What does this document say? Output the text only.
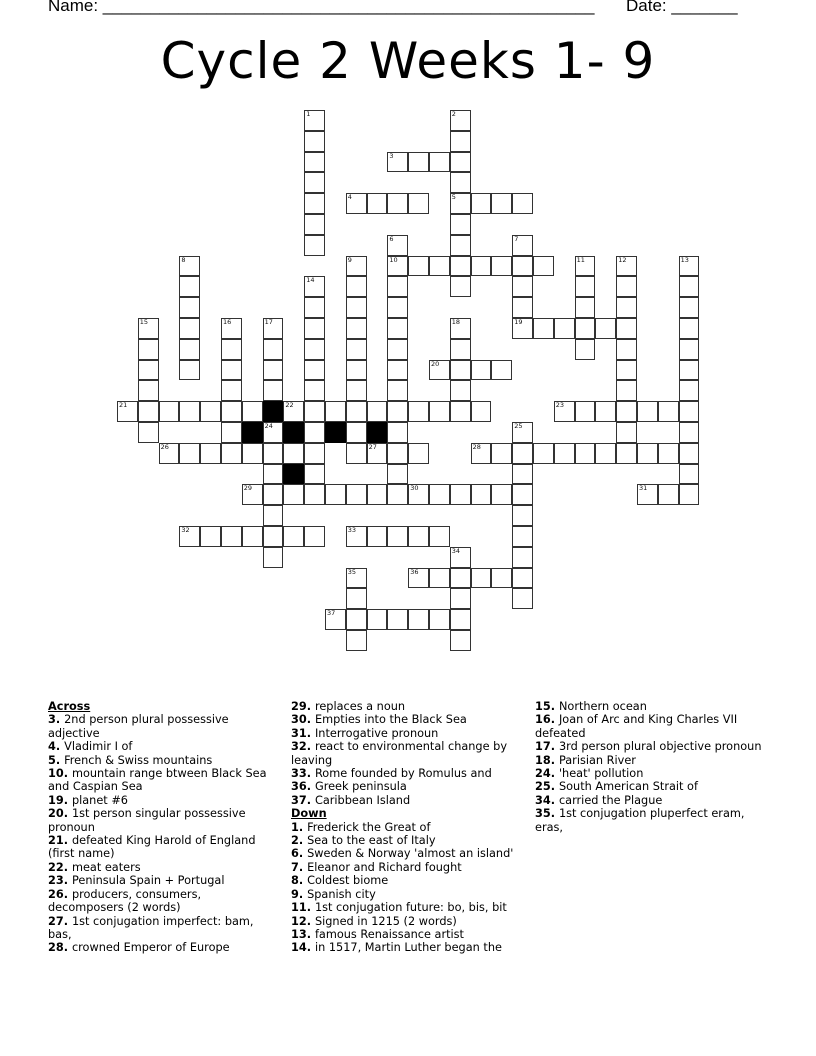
Name: ____________________________________________________ Date: _______
Cycle 2 Weeks 1- 9
3
4	5
10
19
20
21	22	23
26	27	28
29	30	31
32	33
36
37
1	2
6	7
8	9	11	12	13
14
15	16	17
24
18
25
34
35
Across
3. 2nd person plural possessive adjective
4. Vladimir I of
5. French & Swiss mountains
10. mountain range btween Black Sea and Caspian Sea
19. planet #6
20. 1st person singular possessive pronoun
21. defeated King Harold of England (first name)
22. meat eaters
23. Peninsula Spain + Portugal
26. producers, consumers, decomposers (2 words)
27. 1st conjugation imperfect: bam, bas,
28. crowned Emperor of Europe
29. replaces a noun
30. Empties into the Black Sea
31. Interrogative pronoun
32. react to environmental change by leaving
33. Rome founded by Romulus and
36. Greek peninsula
37. Caribbean Island
Down
1. Frederick the Great of
2. Sea to the east of Italy
6. Sweden & Norway 'almost an island'
7. Eleanor and Richard fought
8. Coldest biome
9. Spanish city
11. 1st conjugation future: bo, bis, bit
12. Signed in 1215 (2 words)
13. famous Renaissance artist
14. in 1517, Martin Luther began the
15. Northern ocean
16. Joan of Arc and King Charles VII defeated
17. 3rd person plural objective pronoun
18. Parisian River
24. 'heat' pollution
25. South American Strait of
34. carried the Plague
35. 1st conjugation pluperfect eram, eras,
